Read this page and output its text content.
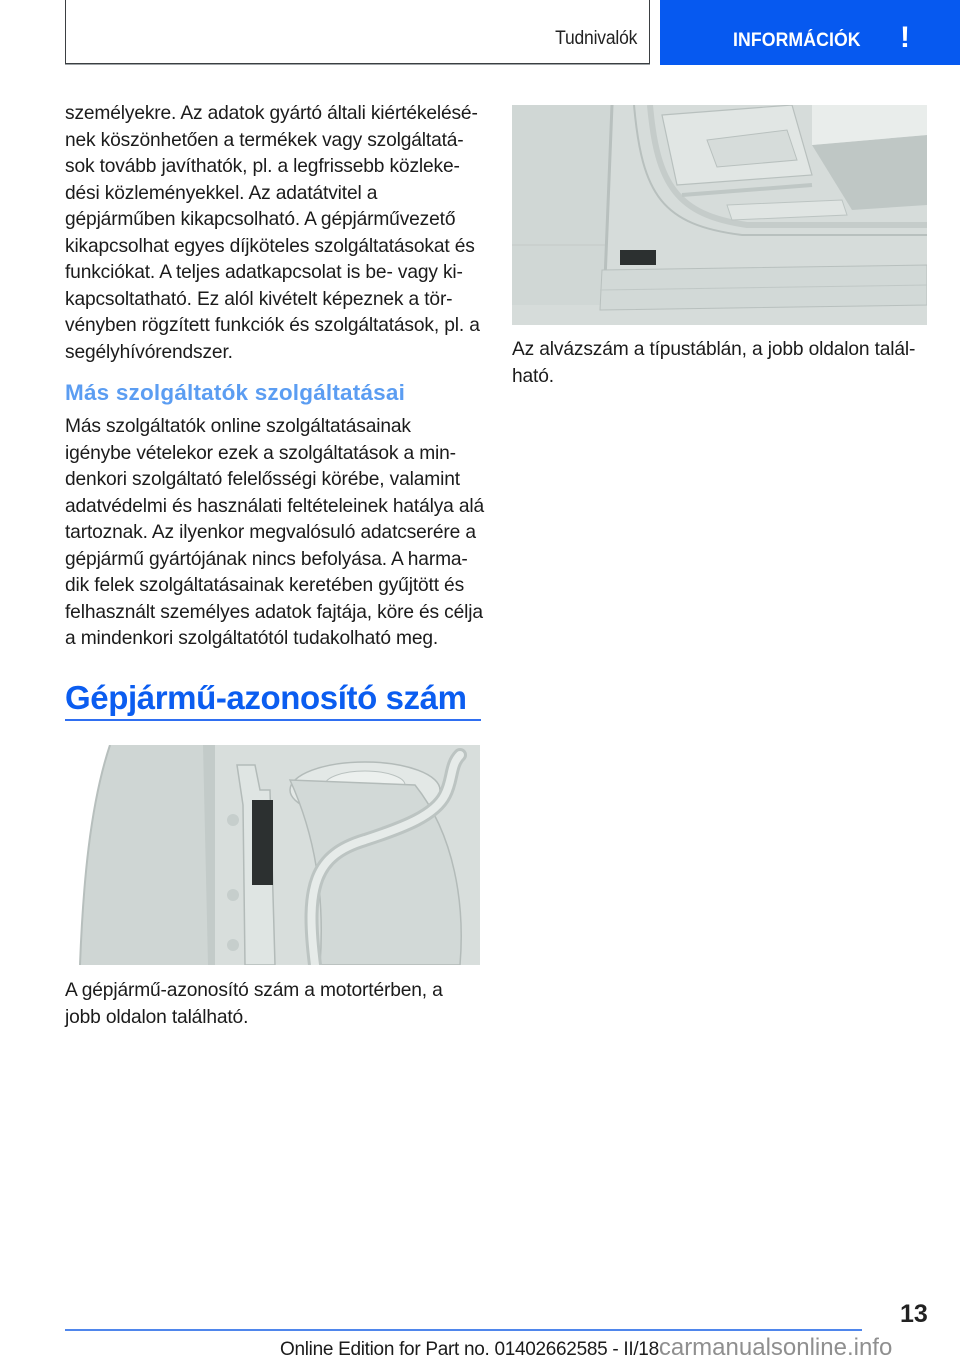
Tudnivalók	INFORMÁCIÓK !
személyekre. Az adatok gyártó általi kiértékelésé-
nek köszönhetően a termékek vagy szolgáltatá-
sok tovább javíthatók, pl. a legfrissebb közleke-
dési közleményekkel. Az adatátvitel a
gépjárműben kikapcsolható. A gépjárművezető
kikapcsolhat egyes díjköteles szolgáltatásokat és
funkciókat. A teljes adatkapcsolat is be- vagy ki-
kapcsoltatható. Ez alól kivételt képeznek a tör-
vényben rögzített funkciók és szolgáltatások, pl. a
segélyhívórendszer.
Más szolgáltatók szolgáltatásai
Más szolgáltatók online szolgáltatásainak
igénybe vételekor ezek a szolgáltatások a min-
denkori szolgáltató felelősségi körébe, valamint
adatvédelmi és használati feltételeinek hatálya alá
tartoznak. Az ilyenkor megvalósuló adatcserére a
gépjármű gyártójának nincs befolyása. A harma-
dik felek szolgáltatásainak keretében gyűjtött és
felhasznált személyes adatok fajtája, köre és célja
a mindenkori szolgáltatótól tudakolható meg.
Gépjármű-azonosító szám
A gépjármű-azonosító szám a motortérben, a
jobb oldalon található.
Az alvázszám a típustáblán, a jobb oldalon talál-
ható.
13
Online Edition for Part no. 01402662585 - II/18carmanualsonline.info
